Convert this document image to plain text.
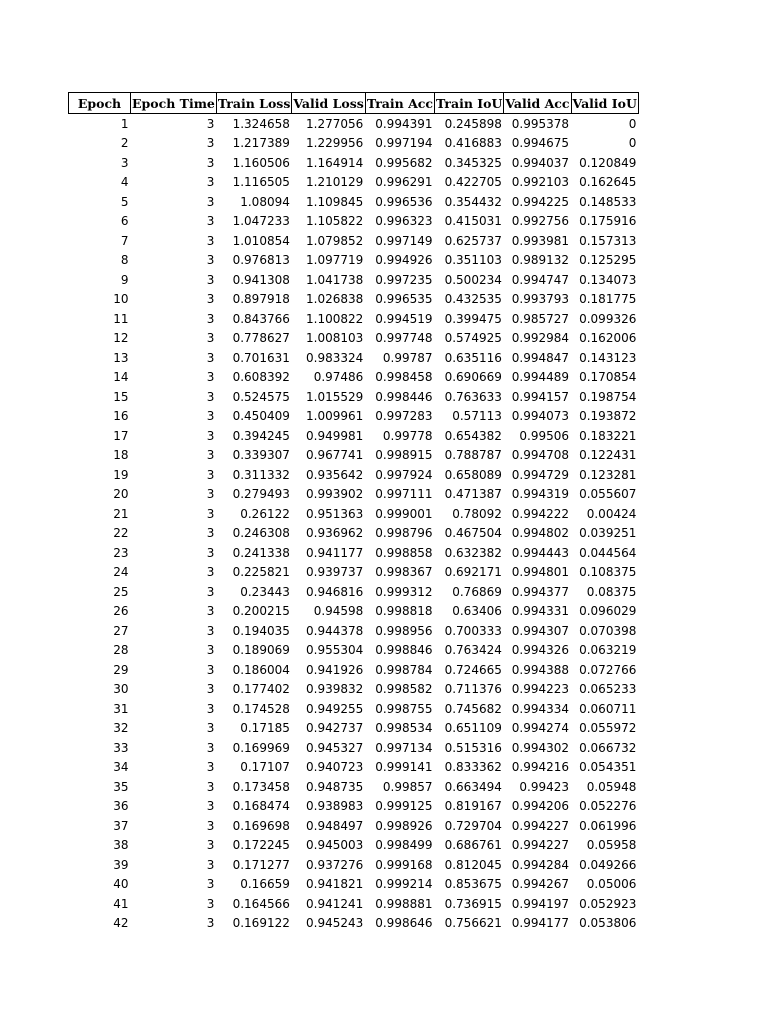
Epoch	Epoch Time	Train Loss	Valid Loss	Train Acc	Train IoU	Valid Acc	Valid IoU
1	3	1.324658	1.277056	0.994391	0.245898	0.995378	0
2	3	1.217389	1.229956	0.997194	0.416883	0.994675	0
3	3	1.160506	1.164914	0.995682	0.345325	0.994037	0.120849
4	3	1.116505	1.210129	0.996291	0.422705	0.992103	0.162645
5	3	1.08094	1.109845	0.996536	0.354432	0.994225	0.148533
6	3	1.047233	1.105822	0.996323	0.415031	0.992756	0.175916
7	3	1.010854	1.079852	0.997149	0.625737	0.993981	0.157313
8	3	0.976813	1.097719	0.994926	0.351103	0.989132	0.125295
9	3	0.941308	1.041738	0.997235	0.500234	0.994747	0.134073
10	3	0.897918	1.026838	0.996535	0.432535	0.993793	0.181775
11	3	0.843766	1.100822	0.994519	0.399475	0.985727	0.099326
12	3	0.778627	1.008103	0.997748	0.574925	0.992984	0.162006
13	3	0.701631	0.983324	0.99787	0.635116	0.994847	0.143123
14	3	0.608392	0.97486	0.998458	0.690669	0.994489	0.170854
15	3	0.524575	1.015529	0.998446	0.763633	0.994157	0.198754
16	3	0.450409	1.009961	0.997283	0.57113	0.994073	0.193872
17	3	0.394245	0.949981	0.99778	0.654382	0.99506	0.183221
18	3	0.339307	0.967741	0.998915	0.788787	0.994708	0.122431
19	3	0.311332	0.935642	0.997924	0.658089	0.994729	0.123281
20	3	0.279493	0.993902	0.997111	0.471387	0.994319	0.055607
21	3	0.26122	0.951363	0.999001	0.78092	0.994222	0.00424
22	3	0.246308	0.936962	0.998796	0.467504	0.994802	0.039251
23	3	0.241338	0.941177	0.998858	0.632382	0.994443	0.044564
24	3	0.225821	0.939737	0.998367	0.692171	0.994801	0.108375
25	3	0.23443	0.946816	0.999312	0.76869	0.994377	0.08375
26	3	0.200215	0.94598	0.998818	0.63406	0.994331	0.096029
27	3	0.194035	0.944378	0.998956	0.700333	0.994307	0.070398
28	3	0.189069	0.955304	0.998846	0.763424	0.994326	0.063219
29	3	0.186004	0.941926	0.998784	0.724665	0.994388	0.072766
30	3	0.177402	0.939832	0.998582	0.711376	0.994223	0.065233
31	3	0.174528	0.949255	0.998755	0.745682	0.994334	0.060711
32	3	0.17185	0.942737	0.998534	0.651109	0.994274	0.055972
33	3	0.169969	0.945327	0.997134	0.515316	0.994302	0.066732
34	3	0.17107	0.940723	0.999141	0.833362	0.994216	0.054351
35	3	0.173458	0.948735	0.99857	0.663494	0.99423	0.05948
36	3	0.168474	0.938983	0.999125	0.819167	0.994206	0.052276
37	3	0.169698	0.948497	0.998926	0.729704	0.994227	0.061996
38	3	0.172245	0.945003	0.998499	0.686761	0.994227	0.05958
39	3	0.171277	0.937276	0.999168	0.812045	0.994284	0.049266
40	3	0.16659	0.941821	0.999214	0.853675	0.994267	0.05006
41	3	0.164566	0.941241	0.998881	0.736915	0.994197	0.052923
42	3	0.169122	0.945243	0.998646	0.756621	0.994177	0.053806
